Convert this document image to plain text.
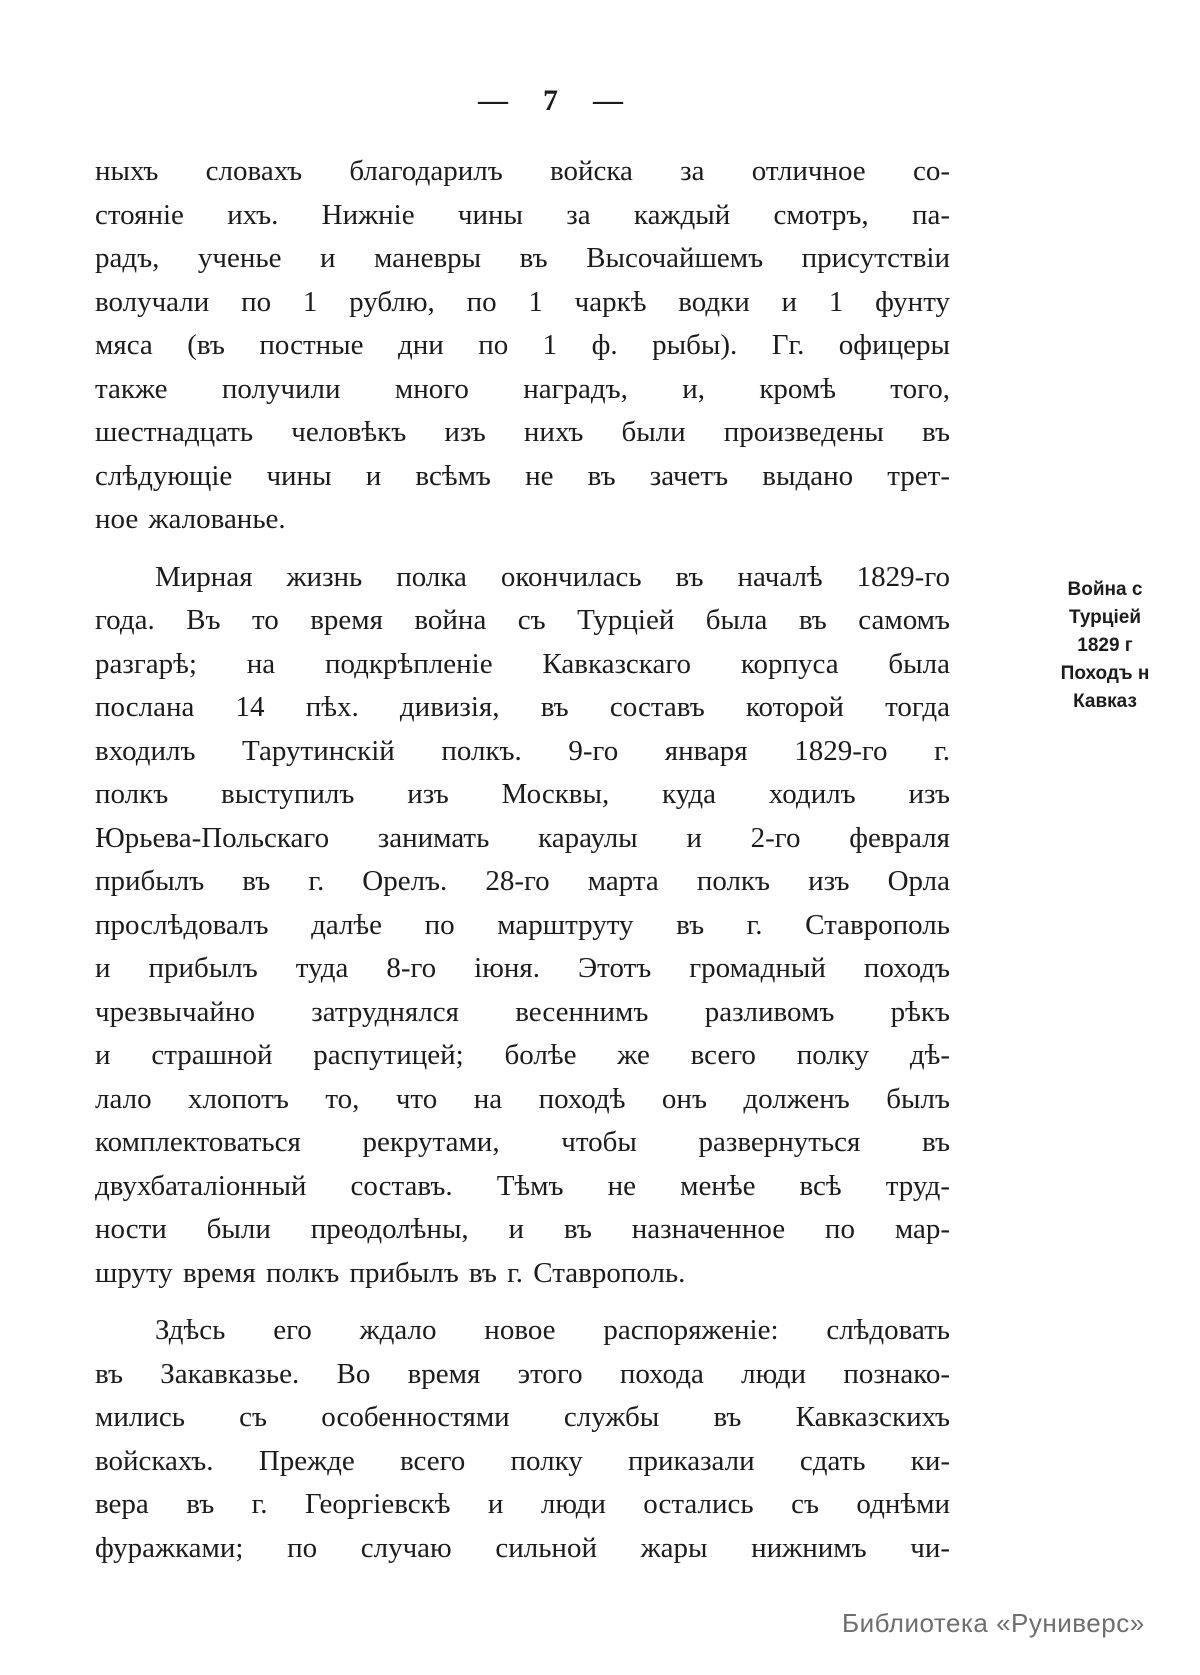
— 7 —
ныхъ словахъ благодарилъ войска за отличное со-
стояніе ихъ. Нижніе чины за каждый смотръ, па-
радъ, ученье и маневры въ Высочайшемъ присутствіи
волучали по 1 рублю, по 1 чаркѣ водки и 1 фунту
мяса (въ постные дни по 1 ф. рыбы). Гг. офицеры
также получили много наградъ, и, кромѣ того,
шестнадцать человѣкъ изъ нихъ были произведены въ
слѣдующіе чины и всѣмъ не въ зачетъ выдано трет-
ное жалованье.
Мирная жизнь полка окончилась въ началѣ 1829-го
года. Въ то время война съ Турціей была въ самомъ
разгарѣ; на подкрѣпленіе Кавказскаго корпуса была
послана 14 пѣх. дивизія, въ составъ которой тогда
входилъ Тарутинскій полкъ. 9-го января 1829-го г.
полкъ выступилъ изъ Москвы, куда ходилъ изъ
Юрьева-Польскаго занимать караулы и 2-го февраля
прибылъ въ г. Орелъ. 28-го марта полкъ изъ Орла
прослѣдовалъ далѣе по марштруту въ г. Ставрополь
и прибылъ туда 8-го іюня. Этотъ громадный походъ
чрезвычайно затруднялся весеннимъ разливомъ рѣкъ
и страшной распутицей; болѣе же всего полку дѣ-
лало хлопотъ то, что на походѣ онъ долженъ былъ
комплектоваться рекрутами, чтобы развернуться въ
двухбаталіонный составъ. Тѣмъ не менѣе всѣ труд-
ности были преодолѣны, и въ назначенное по мар-
шруту время полкъ прибылъ въ г. Ставрополь.
Здѣсь его ждало новое распоряженіе: слѣдовать
въ Закавказье. Во время этого похода люди познако-
мились съ особенностями службы въ Кавказскихъ
войскахъ. Прежде всего полку приказали сдать ки-
вера въ г. Георгіевскѣ и люди остались съ однѣми
фуражками; по случаю сильной жары нижнимъ чи-
Война с
Турціей
1829 г
Походъ н
Кавказ
Библиотека «Руниверс»
